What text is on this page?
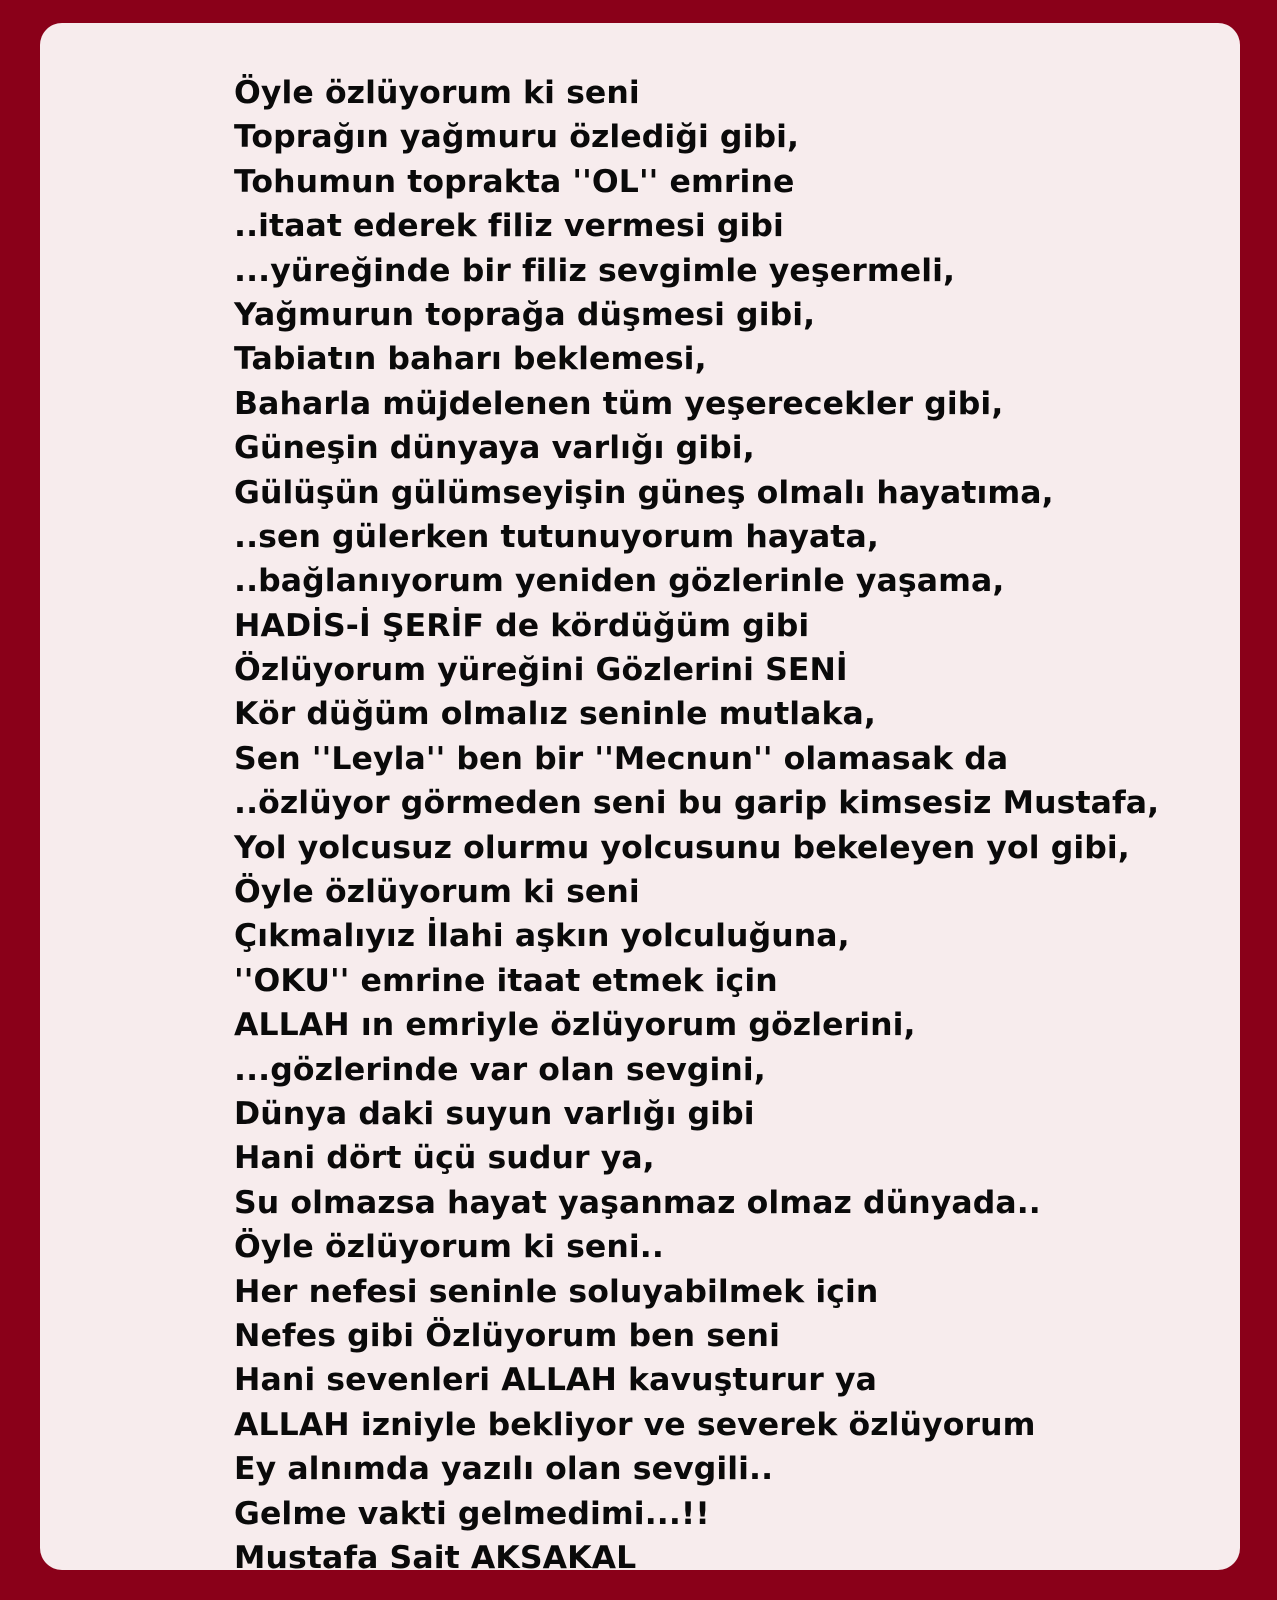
Öyle özlüyorum ki seni
Toprağın yağmuru özlediği gibi,
Tohumun toprakta ''OL'' emrine
..itaat ederek filiz vermesi gibi
...yüreğinde bir filiz sevgimle yeşermeli,
Yağmurun toprağa düşmesi gibi,
Tabiatın baharı beklemesi,
Baharla müjdelenen tüm yeşerecekler gibi,
Güneşin dünyaya varlığı gibi,
Gülüşün gülümseyişin güneş olmalı hayatıma,
..sen gülerken tutunuyorum hayata,
..bağlanıyorum yeniden gözlerinle yaşama,
HADİS-İ ŞERİF de kördüğüm gibi
Özlüyorum yüreğini Gözlerini SENİ
Kör düğüm olmalız seninle mutlaka,
Sen ''Leyla'' ben bir ''Mecnun'' olamasak da
..özlüyor görmeden seni bu garip kimsesiz Mustafa,
Yol yolcusuz olurmu yolcusunu bekeleyen yol gibi,
Öyle özlüyorum ki seni
Çıkmalıyız İlahi aşkın yolculuğuna,
''OKU'' emrine itaat etmek için
ALLAH ın emriyle özlüyorum gözlerini,
...gözlerinde var olan sevgini,
Dünya daki suyun varlığı gibi
Hani dört üçü sudur ya,
Su olmazsa hayat yaşanmaz olmaz dünyada..
Öyle özlüyorum ki seni..
Her nefesi seninle soluyabilmek için
Nefes gibi Özlüyorum ben seni
Hani sevenleri ALLAH kavuşturur ya
ALLAH izniyle bekliyor ve severek özlüyorum
Ey alnımda yazılı olan sevgili..
Gelme vakti gelmedimi...!!
Mustafa Sait AKSAKAL
